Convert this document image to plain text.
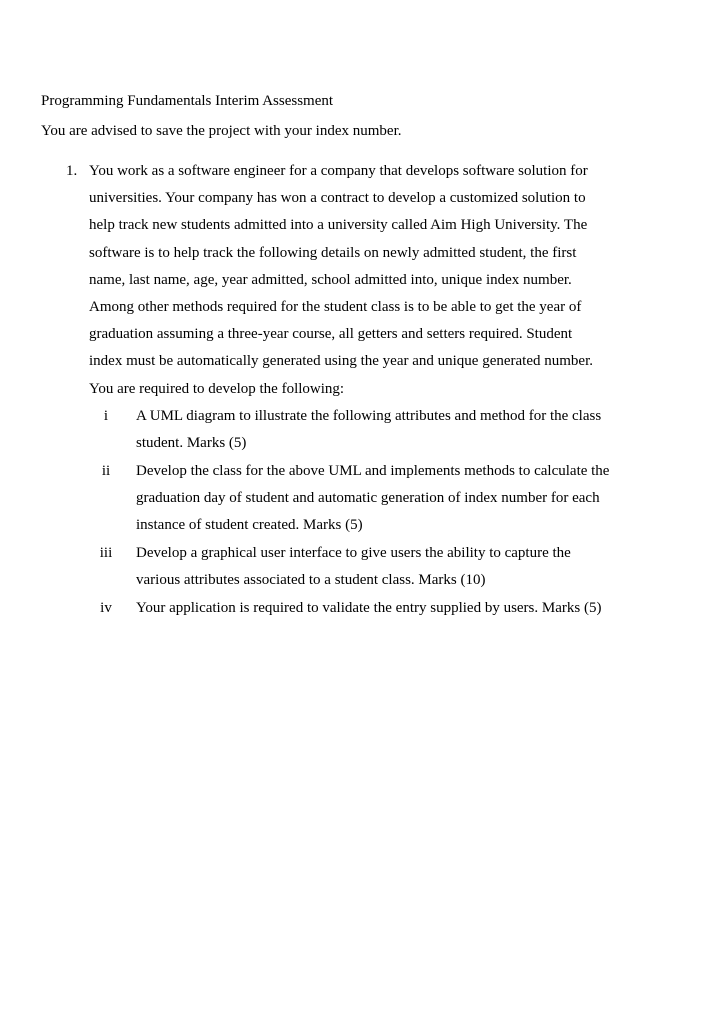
Programming Fundamentals Interim Assessment
You are advised to save the project with your index number.
1. You work as a software engineer for a company that develops software solution for
universities. Your company has won a contract to develop a customized solution to
help track new students admitted into a university called Aim High University. The
software is to help track the following details on newly admitted student, the first
name, last name, age, year admitted, school admitted into, unique index number.
Among other methods required for the student class is to be able to get the year of
graduation assuming a three-year course, all getters and setters required. Student
index must be automatically generated using the year and unique generated number.
You are required to develop the following:
i	A UML diagram to illustrate the following attributes and method for the class
student. Marks (5)
ii	Develop the class for the above UML and implements methods to calculate the
graduation day of student and automatic generation of index number for each
instance of student created. Marks (5)
iii	Develop a graphical user interface to give users the ability to capture the
various attributes associated to a student class. Marks (10)
iv	Your application is required to validate the entry supplied by users. Marks (5)
